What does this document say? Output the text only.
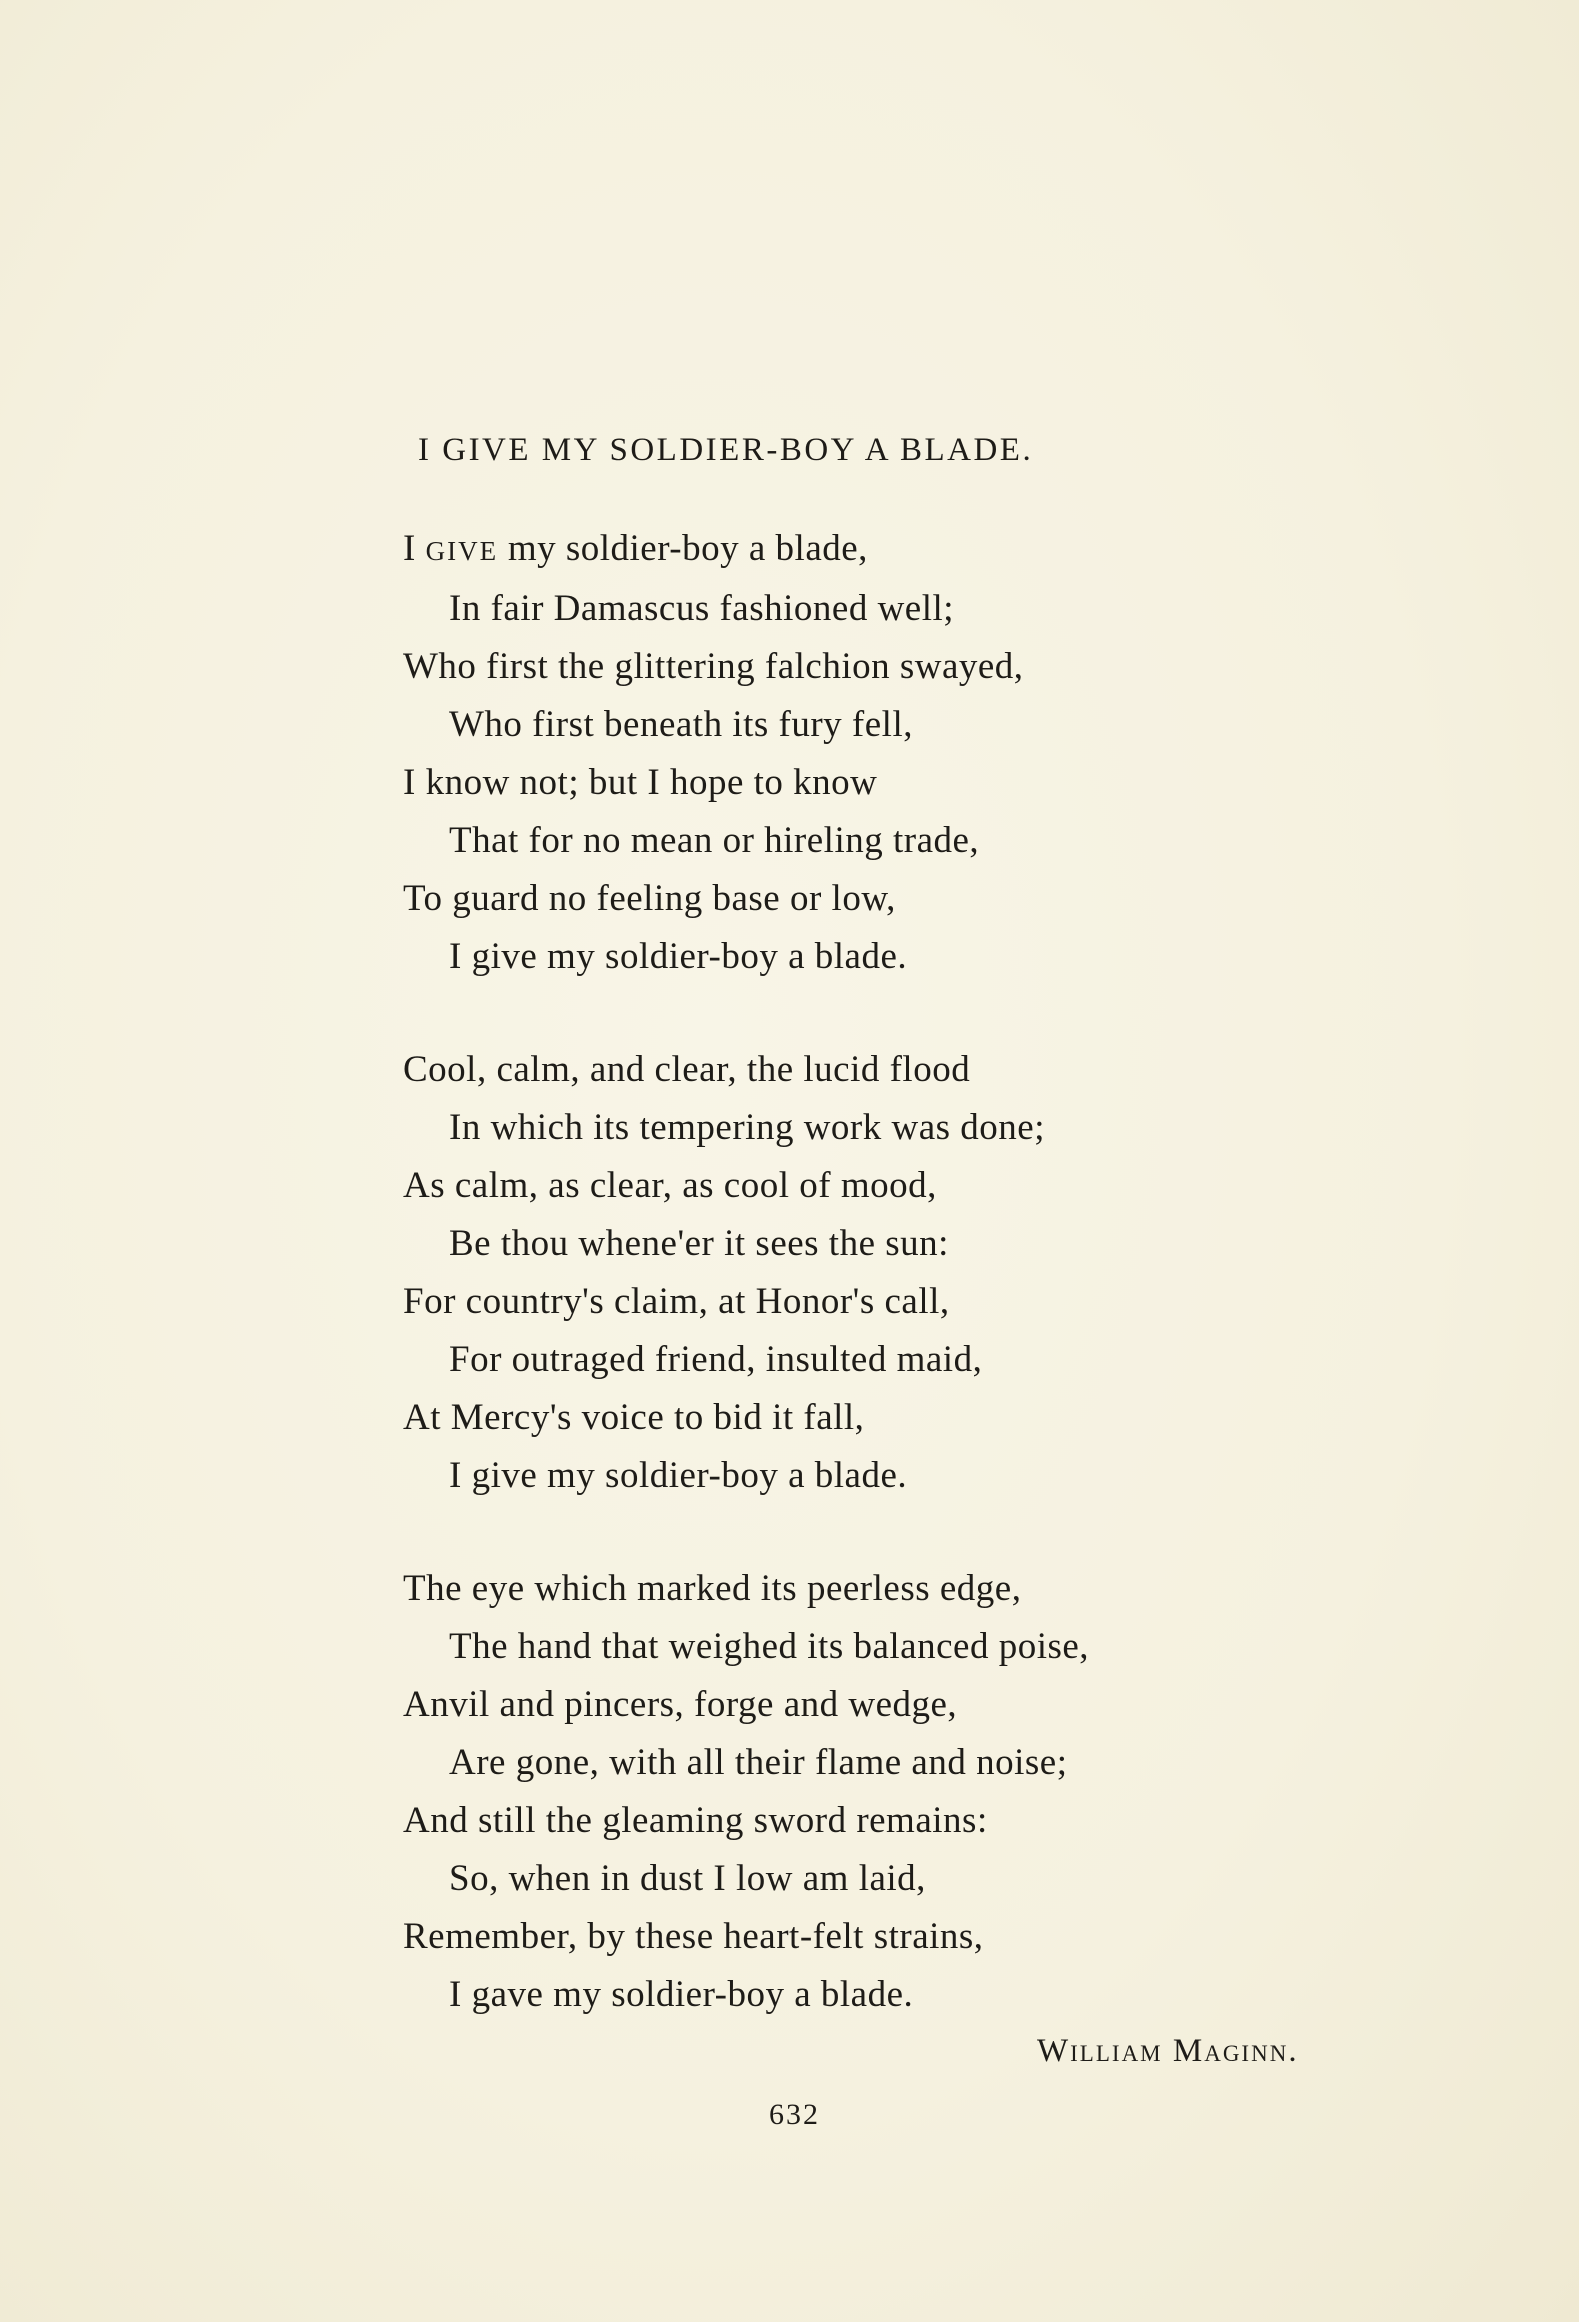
I GIVE MY SOLDIER-BOY A BLADE.
I GIVE my soldier-boy a blade,
In fair Damascus fashioned well;
Who first the glittering falchion swayed,
Who first beneath its fury fell,
I know not; but I hope to know
That for no mean or hireling trade,
To guard no feeling base or low,
I give my soldier-boy a blade.
Cool, calm, and clear, the lucid flood
In which its tempering work was done;
As calm, as clear, as cool of mood,
Be thou whene'er it sees the sun:
For country's claim, at Honor's call,
For outraged friend, insulted maid,
At Mercy's voice to bid it fall,
I give my soldier-boy a blade.
The eye which marked its peerless edge,
The hand that weighed its balanced poise,
Anvil and pincers, forge and wedge,
Are gone, with all their flame and noise;
And still the gleaming sword remains:
So, when in dust I low am laid,
Remember, by these heart-felt strains,
I gave my soldier-boy a blade.
William Maginn.
632
